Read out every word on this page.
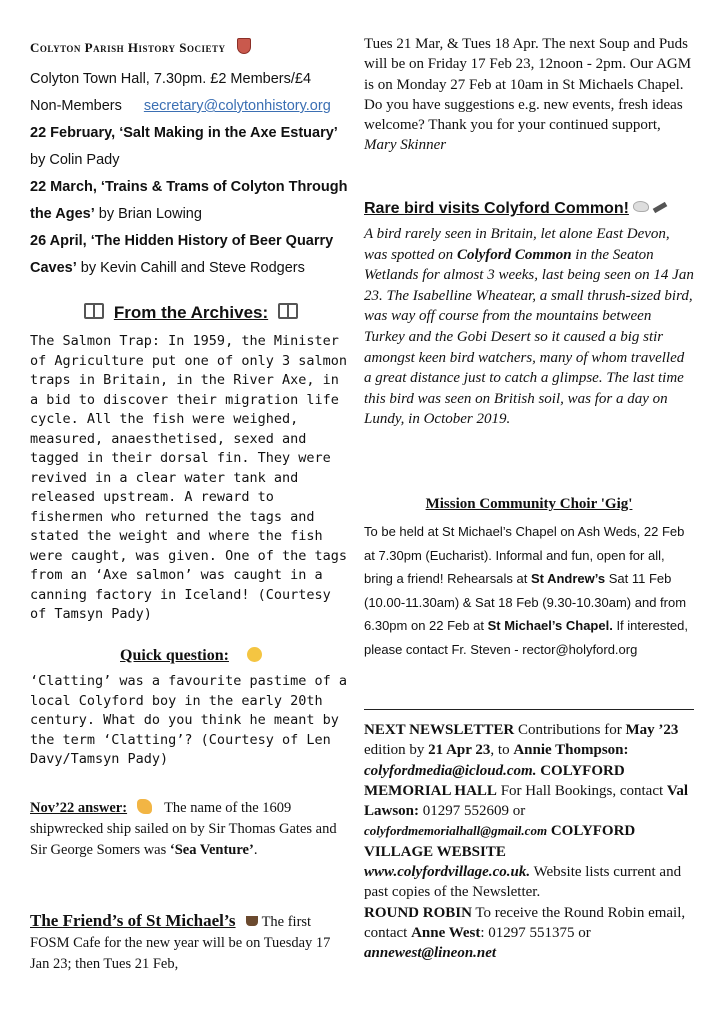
Colyton Parish History Society

Colyton Town Hall, 7.30pm. £2 Members/£4

Non-Members secretary@colytonhistory.org

22 February, ‘Salt Making in the Axe Estuary’ by Colin Pady

22 March, ‘Trains & Trams of Colyton Through the Ages’ by Brian Lowing

26 April, ‘The Hidden History of Beer Quarry Caves’ by Kevin Cahill and Steve Rodgers

From the Archives:

The Salmon Trap: In 1959, the Minister of Agriculture put one of only 3 salmon traps in Britain, in the River Axe, in a bid to discover their migration life cycle. All the fish were weighed, measured, anaesthetised, sexed and tagged in their dorsal fin. They were revived in a clear water tank and released upstream. A reward to fishermen who returned the tags and stated the weight and where the fish were caught, was given. One of the tags from an ‘Axe salmon’ was caught in a canning factory in Iceland! (Courtesy of Tamsyn Pady)

Quick question:

‘Clatting’ was a favourite pastime of a local Colyford boy in the early 20th century. What do you think he meant by the term ‘Clatting’? (Courtesy of Len Davy/Tamsyn Pady)

Nov’22 answer:	The name of the 1609 shipwrecked ship sailed on by Sir Thomas Gates and Sir George Somers was ‘Sea Venture’.

The Friend’s of St Michael’s The first FOSM Cafe for the new year will be on Tuesday 17 Jan 23; then Tues 21 Feb,

Tues 21 Mar, & Tues 18 Apr. The next Soup and Puds will be on Friday 17 Feb 23, 12noon - 2pm. Our AGM is on Monday 27 Feb at 10am in St Michaels Chapel. Do you have suggestions e.g. new events, fresh ideas welcome? Thank you for your continued support, Mary Skinner

Rare bird visits Colyford Common!

A bird rarely seen in Britain, let alone East Devon, was spotted on Colyford Common in the Seaton Wetlands for almost 3 weeks, last being seen on 14 Jan 23. The Isabelline Wheatear, a small thrush-sized bird, was way off course from the mountains between Turkey and the Gobi Desert so it caused a big stir amongst keen bird watchers, many of whom travelled a great distance just to catch a glimpse. The last time this bird was seen on British soil, was for a day on Lundy, in October 2019.

Mission Community Choir 'Gig'

To be held at St Michael’s Chapel on Ash Weds, 22 Feb at 7.30pm (Eucharist). Informal and fun, open for all, bring a friend! Rehearsals at St Andrew’s Sat 11 Feb (10.00-11.30am) & Sat 18 Feb (9.30-10.30am) and from 6.30pm on 22 Feb at St Michael’s Chapel. If interested, please contact Fr. Steven - rector@holyford.org

NEXT NEWSLETTER Contributions for May ’23 edition by 21 Apr 23, to Annie Thompson: colyfordmedia@icloud.com. COLYFORD MEMORIAL HALL For Hall Bookings, contact Val Lawson: 01297 552609 or colyfordmemorialhall@gmail.com COLYFORD VILLAGE WEBSITE
www.colyfordvillage.co.uk. Website lists current and past copies of the Newsletter.
ROUND ROBIN To receive the Round Robin email, contact Anne West: 01297 551375 or annewest@lineon.net
